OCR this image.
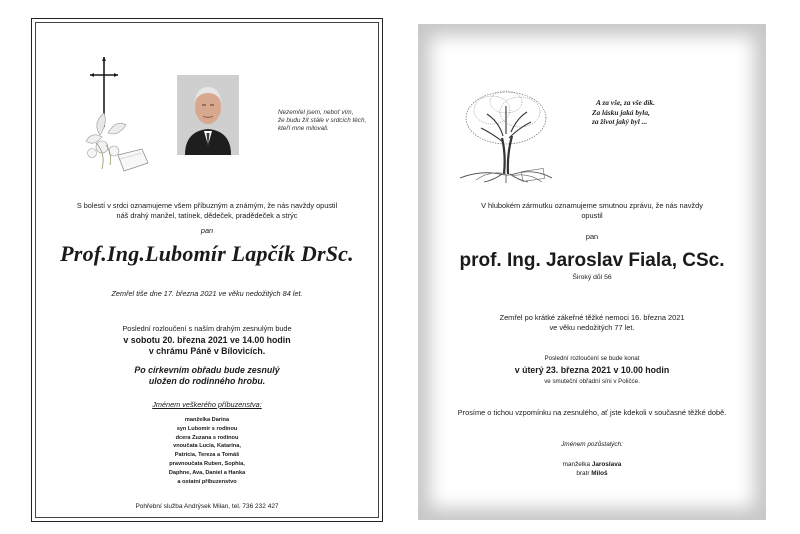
Nezemřel jsem, neboť vím,
že budu žít stále v srdcích těch,
kteří mne milovali.
S bolestí v srdci oznamujeme všem příbuzným a známým, že nás navždy opustil
náš drahý manžel, tatínek, dědeček, pradědeček a strýc
pan
Prof.Ing.Lubomír Lapčík DrSc.
Zemřel tiše dne 17. března 2021 ve věku nedožitých 84 let.
Poslední rozloučení s naším drahým zesnulým bude
v sobotu 20. března 2021 ve 14.00 hodin
v chrámu Páně v Bílovicích.
Po církevním obřadu bude zesnulý
uložen do rodinného hrobu.
Jménem veškerého příbuzenstva:
manželka Darina
syn Lubomír s rodinou
dcera Zuzana s rodinou
vnoučata Lucia, Katarína,
Patricia, Tereza a Tomáš
pravnoučata Ruben, Sophia,
Daphne, Ava, Daniel a Hanka
a ostatní příbuzenstvo
Pohřební služba Andrýsek Milan, tel. 736 232 427
A za vše, za vše dík.
Za lásku jaká byla,
za život jaký byl ...
V hlubokém zármutku oznamujeme smutnou zprávu, že nás navždy
opustil
pan
prof. Ing. Jaroslav Fiala, CSc.
Široký důl 56
Zemřel po krátké zákeřné těžké nemoci 16. března 2021
ve věku nedožitých 77 let.
Poslední rozloučení se bude konat
v úterý 23. března 2021 v 10.00 hodin
ve smuteční obřadní síni v Poličce.
Prosíme o tichou vzpomínku na zesnulého, ať jste kdekoli v současné těžké době.
Jménem pozůstalých:
manželka Jaroslava
bratr Miloš
